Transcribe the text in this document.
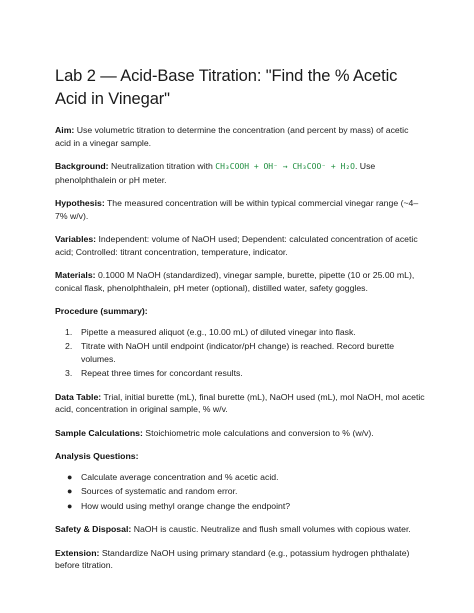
Lab 2 — Acid-Base Titration: "Find the % Acetic Acid in Vinegar"

Aim: Use volumetric titration to determine the concentration (and percent by mass) of acetic acid in a vinegar sample.

Background: Neutralization titration with CH₃COOH + OH⁻ → CH₃COO⁻ + H₂O. Use phenolphthalein or pH meter.

Hypothesis: The measured concentration will be within typical commercial vinegar range (~4–7% w/v).

Variables: Independent: volume of NaOH used; Dependent: calculated concentration of acetic acid; Controlled: titrant concentration, temperature, indicator.

Materials: 0.1000 M NaOH (standardized), vinegar sample, burette, pipette (10 or 25.00 mL), conical flask, phenolphthalein, pH meter (optional), distilled water, safety goggles.

Procedure (summary):

1. Pipette a measured aliquot (e.g., 10.00 mL) of diluted vinegar into flask.
2. Titrate with NaOH until endpoint (indicator/pH change) is reached. Record burette volumes.
3. Repeat three times for concordant results.

Data Table: Trial, initial burette (mL), final burette (mL), NaOH used (mL), mol NaOH, mol acetic acid, concentration in original sample, % w/v.

Sample Calculations: Stoichiometric mole calculations and conversion to % (w/v).

Analysis Questions:

● Calculate average concentration and % acetic acid.
● Sources of systematic and random error.
● How would using methyl orange change the endpoint?

Safety & Disposal: NaOH is caustic. Neutralize and flush small volumes with copious water.

Extension: Standardize NaOH using primary standard (e.g., potassium hydrogen phthalate) before titration.
